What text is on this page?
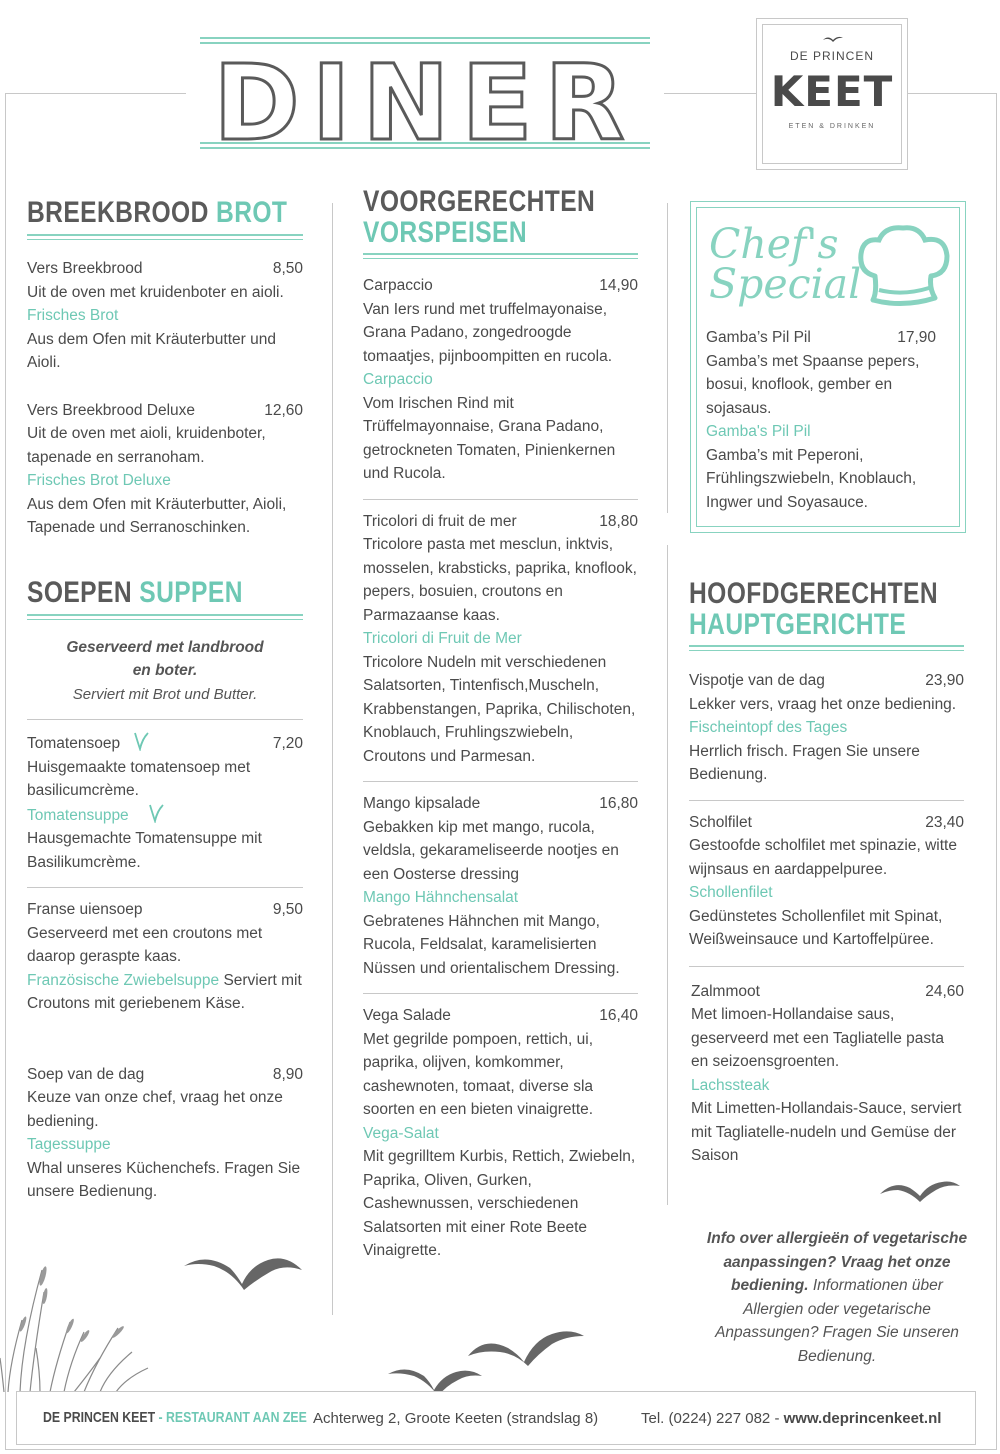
DINER	DE PRINCEN
KEET
ETEN & DRINKEN
BREEKBROOD BROT
Vers Breekbrood	8,50
Uit de oven met kruidenboter en aioli.
Frisches Brot
Aus dem Ofen mit Kräuterbutter und Aioli.
Vers Breekbrood Deluxe	12,60
Uit de oven met aioli, kruidenboter, tapenade en serranoham.
Frisches Brot Deluxe
Aus dem Ofen mit Kräuterbutter, Aioli, Tapenade und Serranoschinken.
SOEPEN SUPPEN
Geserveerd met landbrood en boter.
Serviert mit Brot und Butter.
Tomatensoep	7,20
Huisgemaakte tomatensoep met basilicumcrème.
Tomatensuppe
Hausgemachte Tomatensuppe mit Basilikumcrème.
Franse uiensoep	9,50
Geserveerd met een croutons met daarop geraspte kaas.
Französische Zwiebelsuppe Serviert mit Croutons mit geriebenem Käse.
Soep van de dag	8,90
Keuze van onze chef, vraag het onze bediening.
Tagessuppe
Whal unseres Küchenchefs. Fragen Sie unsere Bedienung.
VOORGERECHTEN
VORSPEISEN
Carpaccio	14,90
Van Iers rund met truffelmayonaise, Grana Padano, zongedroogde tomaatjes, pijnboompitten en rucola.
Carpaccio
Vom Irischen Rind mit Trüffelmayonnaise, Grana Padano, getrockneten Tomaten, Pinienkernen und Rucola.
Tricolori di fruit de mer	18,80
Tricolore pasta met mesclun, inktvis, mosselen, krabsticks, paprika, knoflook, pepers, bosuien, croutons en Parmazaanse kaas.
Tricolori di Fruit de Mer
Tricolore Nudeln mit verschiedenen Salatsorten, Tintenfisch,Muscheln, Krabbenstangen, Paprika, Chilischoten, Knoblauch, Fruhlingszwiebeln, Croutons und Parmesan.
Mango kipsalade	16,80
Gebakken kip met mango, rucola, veldsla, gekarameliseerde nootjes en een Oosterse dressing
Mango Hähnchensalat
Gebratenes Hähnchen mit Mango, Rucola, Feldsalat, karamelisierten Nüssen und orientalischem Dressing.
Vega Salade	16,40
Met gegrilde pompoen, rettich, ui, paprika, olijven, komkommer, cashewnoten, tomaat, diverse sla soorten en een bieten vinaigrette.
Vega-Salat
Mit gegrilltem Kurbis, Rettich, Zwiebeln, Paprika, Oliven, Gurken, Cashewnussen, verschiedenen Salatsorten mit einer Rote Beete Vinaigrette.
Chef's Special
Gamba’s Pil Pil	17,90
Gamba’s met Spaanse pepers, bosui, knoflook, gember en sojasaus.
Gamba's Pil Pil
Gamba’s mit Peperoni, Frühlingszwiebeln, Knoblauch, Ingwer und Soyasauce.
HOOFDGERECHTEN
HAUPTGERICHTE
Vispotje van de dag	23,90
Lekker vers, vraag het onze bediening.
Fischeintopf des Tages
Herrlich frisch. Fragen Sie unsere Bedienung.
Scholfilet	23,40
Gestoofde scholfilet met spinazie, witte wijnsaus en aardappelpuree.
Schollenfilet
Gedünstetes Schollenfilet mit Spinat, Weißweinsauce und Kartoffelpüree.
Zalmmoot	24,60
Met limoen-Hollandaise saus, geserveerd met een Tagliatelle pasta en seizoensgroenten.
Lachssteak
Mit Limetten-Hollandais-Sauce, serviert mit Tagliatelle-nudeln und Gemüse der Saison
Info over allergieën of vegetarische aanpassingen? Vraag het onze bediening. Informationen über Allergien oder vegetarische Anpassungen? Fragen Sie unseren Bedienung.
DE PRINCEN KEET - RESTAURANT AAN ZEE Achterweg 2, Groote Keeten (strandslag 8)	Tel. (0224) 227 082 - www.deprincenkeet.nl
